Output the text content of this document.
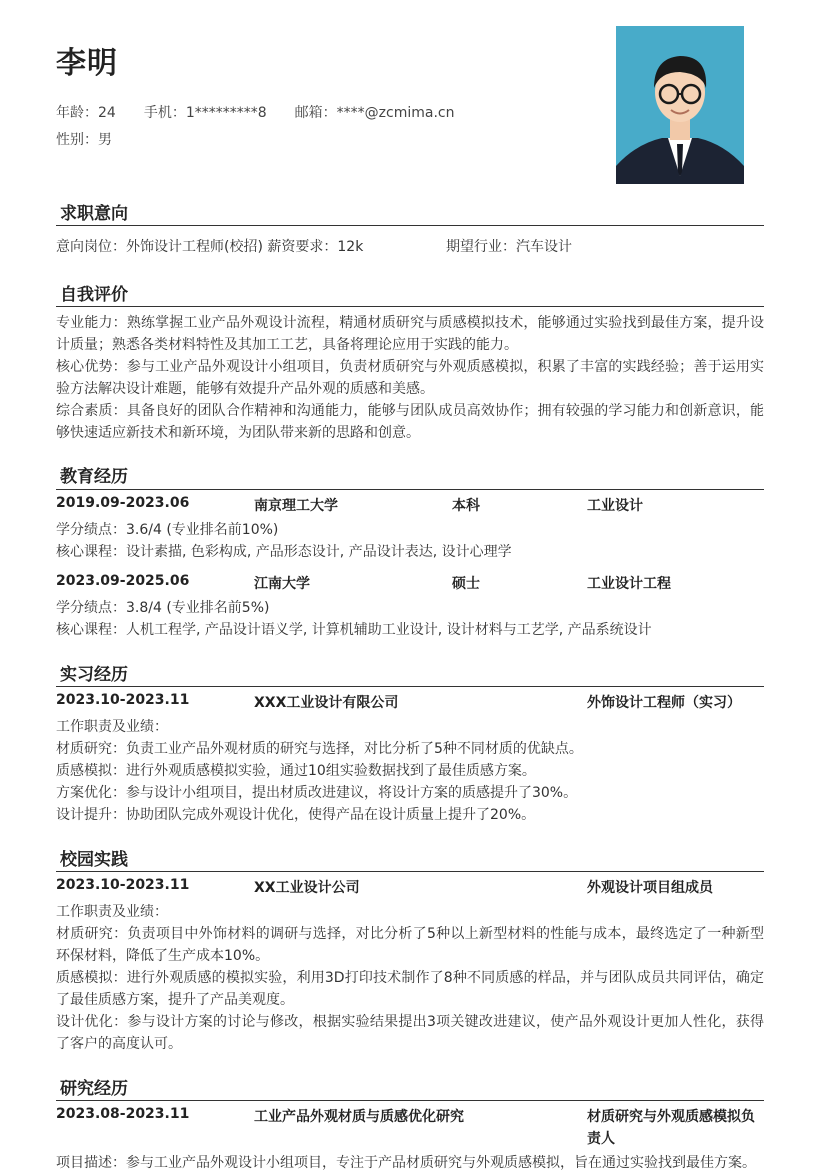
李明
年龄：24 手机：1*********8 邮箱：****@zcmima.cn
性别：男
求职意向
意向岗位：外饰设计工程师(校招) 薪资要求：12k	期望行业：汽车设计
自我评价
专业能力：熟练掌握工业产品外观设计流程，精通材质研究与质感模拟技术，能够通过实验找到最佳方案，提升设计质量；熟悉各类材料特性及其加工工艺，具备将理论应用于实践的能力。
核心优势：参与工业产品外观设计小组项目，负责材质研究与外观质感模拟，积累了丰富的实践经验；善于运用实验方法解决设计难题，能够有效提升产品外观的质感和美感。
综合素质：具备良好的团队合作精神和沟通能力，能够与团队成员高效协作；拥有较强的学习能力和创新意识，能够快速适应新技术和新环境，为团队带来新的思路和创意。
教育经历
2019.09-2023.06	南京理工大学	本科	工业设计
学分绩点：3.6/4 (专业排名前10%)
核心课程：设计素描, 色彩构成, 产品形态设计, 产品设计表达, 设计心理学
2023.09-2025.06	江南大学	硕士	工业设计工程
学分绩点：3.8/4 (专业排名前5%)
核心课程：人机工程学, 产品设计语义学, 计算机辅助工业设计, 设计材料与工艺学, 产品系统设计
实习经历
2023.10-2023.11	XXX工业设计有限公司	外饰设计工程师（实习）
工作职责及业绩：
材质研究：负责工业产品外观材质的研究与选择，对比分析了5种不同材质的优缺点。
质感模拟：进行外观质感模拟实验，通过10组实验数据找到了最佳质感方案。
方案优化：参与设计小组项目，提出材质改进建议，将设计方案的质感提升了30%。
设计提升：协助团队完成外观设计优化，使得产品在设计质量上提升了20%。
校园实践
2023.10-2023.11	XX工业设计公司	外观设计项目组成员
工作职责及业绩：
材质研究：负责项目中外饰材料的调研与选择，对比分析了5种以上新型材料的性能与成本，最终选定了一种新型环保材料，降低了生产成本10%。
质感模拟：进行外观质感的模拟实验，利用3D打印技术制作了8种不同质感的样品，并与团队成员共同评估，确定了最佳质感方案，提升了产品美观度。
设计优化：参与设计方案的讨论与修改，根据实验结果提出3项关键改进建议，使产品外观设计更加人性化，获得了客户的高度认可。
研究经历
2023.08-2023.11	工业产品外观材质与质感优化研究	材质研究与外观质感模拟负责人
项目描述：参与工业产品外观设计小组项目，专注于产品材质研究与外观质感模拟，旨在通过实验找到最佳方案。
